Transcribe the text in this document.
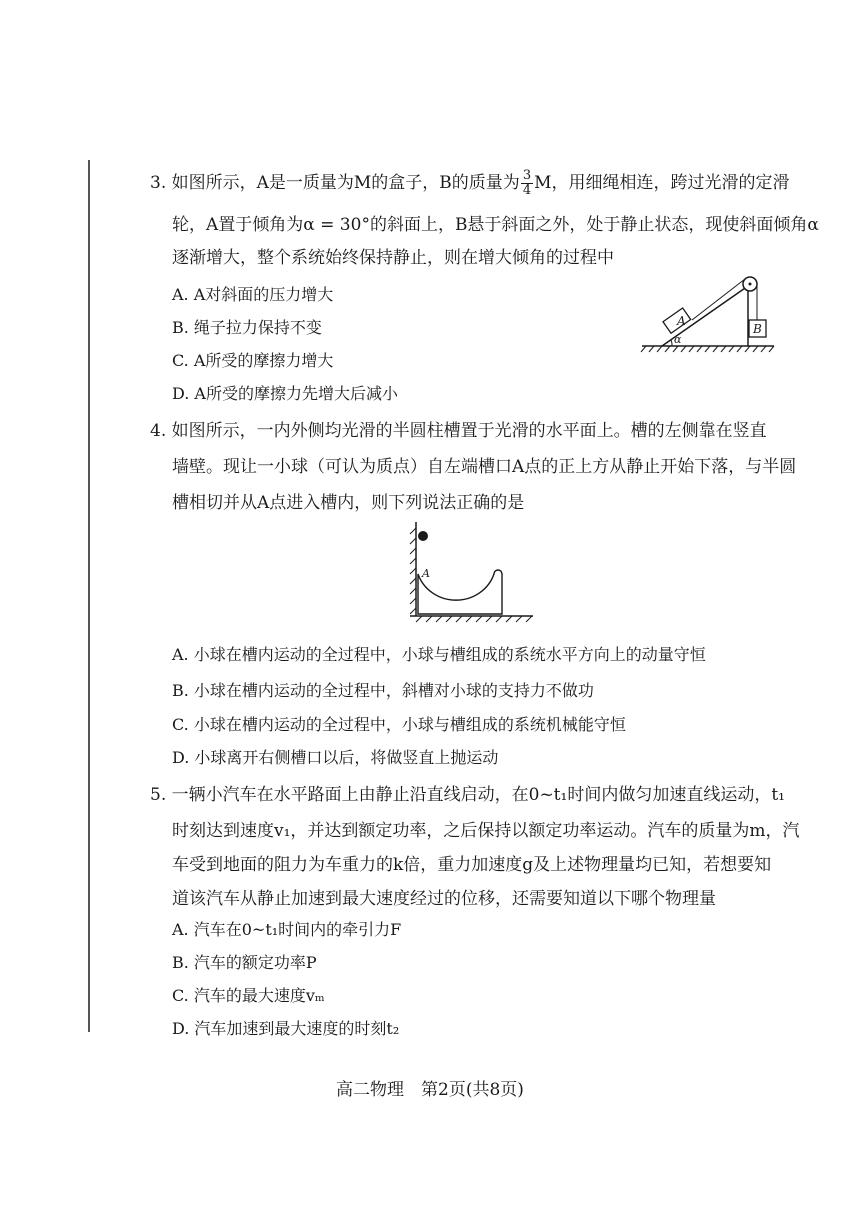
3. 如图所示，A是一质量为M的盒子，B的质量为 $\frac{3}{4}$ M，用细绳相连，跨过光滑的定滑
轮，A置于倾角为α = 30°的斜面上，B悬于斜面之外，处于静止状态，现使斜面倾角α
逐渐增大，整个系统始终保持静止，则在增大倾角的过程中
A. A对斜面的压力增大
B. 绳子拉力保持不变
C. A所受的摩擦力增大
D. A所受的摩擦力先增大后减小
A
B
α
4. 如图所示，一内外侧均光滑的半圆柱槽置于光滑的水平面上。槽的左侧靠在竖直
墙壁。现让一小球（可认为质点）自左端槽口A点的正上方从静止开始下落，与半圆
槽相切并从A点进入槽内，则下列说法正确的是
A
A. 小球在槽内运动的全过程中，小球与槽组成的系统水平方向上的动量守恒
B. 小球在槽内运动的全过程中，斜槽对小球的支持力不做功
C. 小球在槽内运动的全过程中，小球与槽组成的系统机械能守恒
D. 小球离开右侧槽口以后，将做竖直上抛运动
5. 一辆小汽车在水平路面上由静止沿直线启动，在0~t₁时间内做匀加速直线运动，t₁
时刻达到速度v₁，并达到额定功率，之后保持以额定功率运动。汽车的质量为m，汽
车受到地面的阻力为车重力的k倍，重力加速度g及上述物理量均已知，若想要知
道该汽车从静止加速到最大速度经过的位移，还需要知道以下哪个物理量
A. 汽车在0~t₁时间内的牵引力F
B. 汽车的额定功率P
C. 汽车的最大速度vₘ
D. 汽车加速到最大速度的时刻t₂
高二物理　第2页(共8页)
